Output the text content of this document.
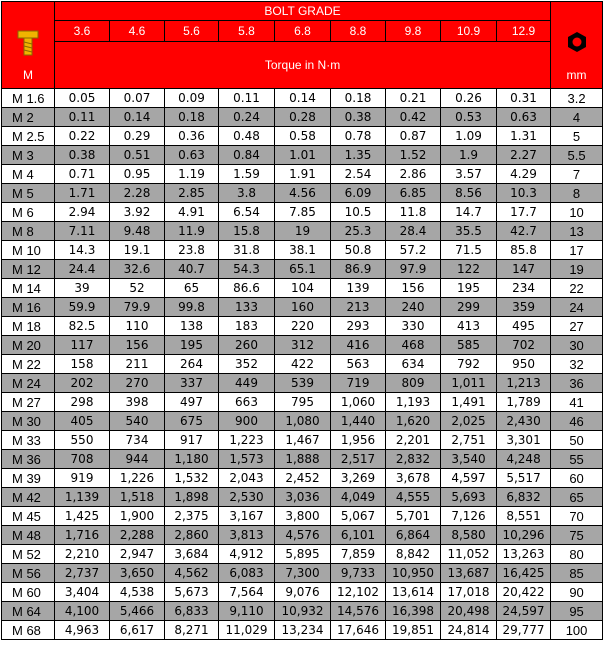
M	BOLT GRADE									mm

	3.6	4.6	5.6	5.8	6.8	8.8	9.8	10.9	12.9	
	Torque in N·m									
M 1.6	0.05	0.07	0.09	0.11	0.14	0.18	0.21	0.26	0.31	3.2
M 2	0.11	0.14	0.18	0.24	0.28	0.38	0.42	0.53	0.63	4
M 2.5	0.22	0.29	0.36	0.48	0.58	0.78	0.87	1.09	1.31	5
M 3	0.38	0.51	0.63	0.84	1.01	1.35	1.52	1.9	2.27	5.5
M 4	0.71	0.95	1.19	1.59	1.91	2.54	2.86	3.57	4.29	7
M 5	1.71	2.28	2.85	3.8	4.56	6.09	6.85	8.56	10.3	8
M 6	2.94	3.92	4.91	6.54	7.85	10.5	11.8	14.7	17.7	10
M 8	7.11	9.48	11.9	15.8	19	25.3	28.4	35.5	42.7	13
M 10	14.3	19.1	23.8	31.8	38.1	50.8	57.2	71.5	85.8	17
M 12	24.4	32.6	40.7	54.3	65.1	86.9	97.9	122	147	19
M 14	39	52	65	86.6	104	139	156	195	234	22
M 16	59.9	79.9	99.8	133	160	213	240	299	359	24
M 18	82.5	110	138	183	220	293	330	413	495	27
M 20	117	156	195	260	312	416	468	585	702	30
M 22	158	211	264	352	422	563	634	792	950	32
M 24	202	270	337	449	539	719	809	1,011	1,213	36
M 27	298	398	497	663	795	1,060	1,193	1,491	1,789	41
M 30	405	540	675	900	1,080	1,440	1,620	2,025	2,430	46
M 33	550	734	917	1,223	1,467	1,956	2,201	2,751	3,301	50
M 36	708	944	1,180	1,573	1,888	2,517	2,832	3,540	4,248	55
M 39	919	1,226	1,532	2,043	2,452	3,269	3,678	4,597	5,517	60
M 42	1,139	1,518	1,898	2,530	3,036	4,049	4,555	5,693	6,832	65
M 45	1,425	1,900	2,375	3,167	3,800	5,067	5,701	7,126	8,551	70
M 48	1,716	2,288	2,860	3,813	4,576	6,101	6,864	8,580	10,296	75
M 52	2,210	2,947	3,684	4,912	5,895	7,859	8,842	11,052	13,263	80
M 56	2,737	3,650	4,562	6,083	7,300	9,733	10,950	13,687	16,425	85
M 60	3,404	4,538	5,673	7,564	9,076	12,102	13,614	17,018	20,422	90
M 64	4,100	5,466	6,833	9,110	10,932	14,576	16,398	20,498	24,597	95
M 68	4,963	6,617	8,271	11,029	13,234	17,646	19,851	24,814	29,777	100
